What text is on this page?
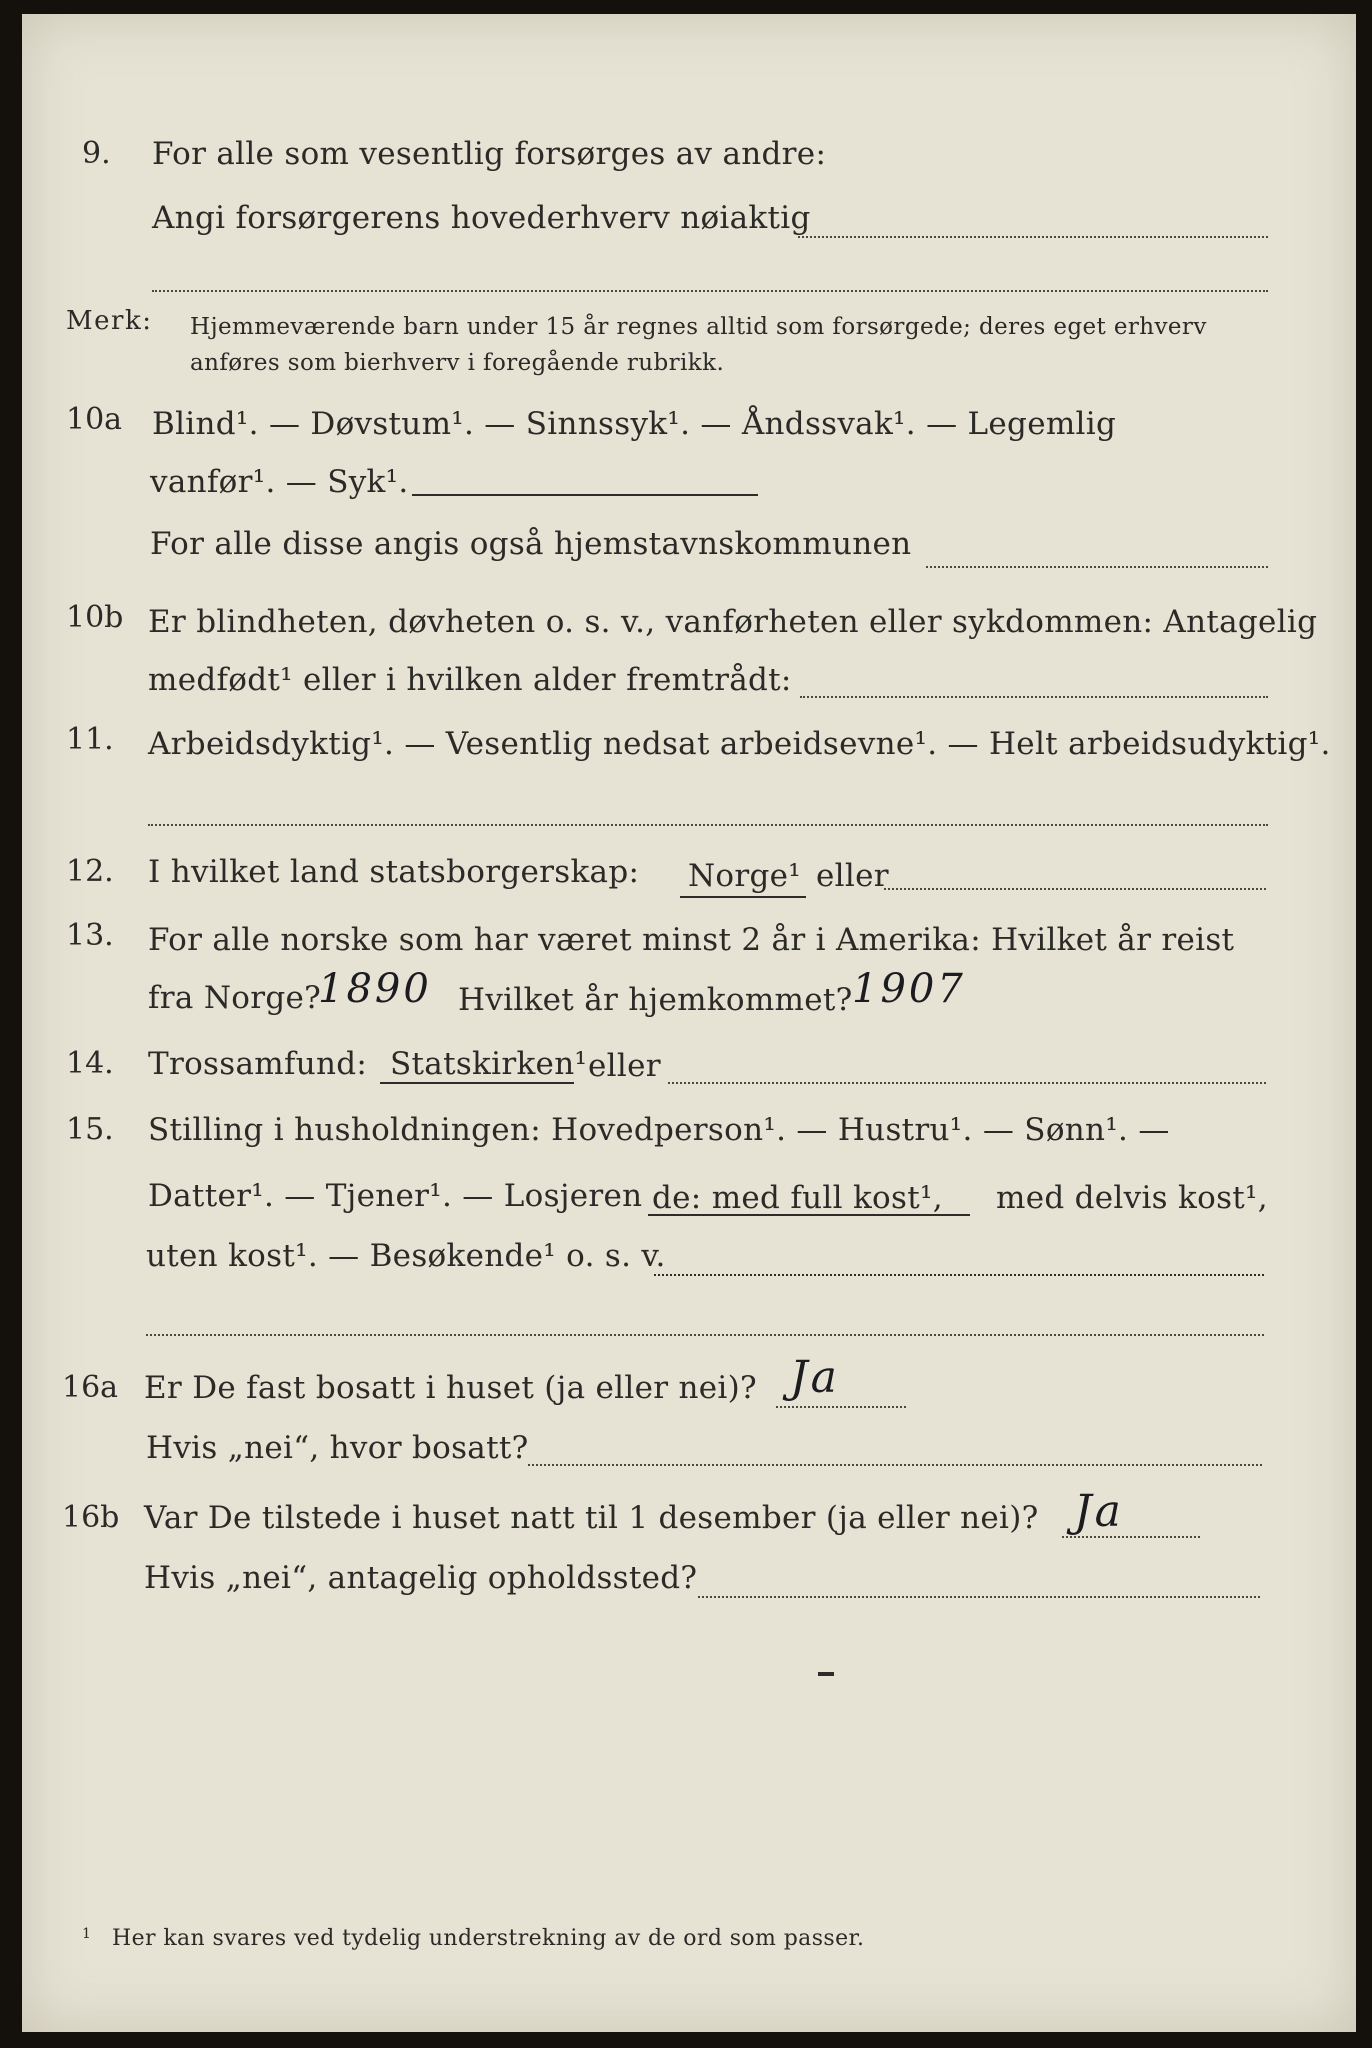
9. For alle som vesentlig forsørges av andre:
Angi forsørgerens hovederhverv nøiaktig
Merk: Hjemmeværende barn under 15 år regnes alltid som forsørgede; deres eget erhverv
anføres som bierhverv i foregående rubrikk.
10a Blind¹. — Døvstum¹. — Sinnssyk¹. — Åndssvak¹. — Legemlig
vanfør¹. — Syk¹.
For alle disse angis også hjemstavnskommunen
10b Er blindheten, døvheten o. s. v., vanførheten eller sykdommen: Antagelig
medfødt¹ eller i hvilken alder fremtrådt:
11. Arbeidsdyktig¹. — Vesentlig nedsat arbeidsevne¹. — Helt arbeidsudyktig¹.
12. I hvilket land statsborgerskap: Norge¹ eller
13. For alle norske som har været minst 2 år i Amerika: Hvilket år reist
fra Norge?
1890 Hvilket år hjemkommet? 1907
14. Trossamfund: Statskirken¹ eller
15. Stilling i husholdningen: Hovedperson¹. — Hustru¹. — Sønn¹. —
Datter¹. — Tjener¹. — Losjeren de: med full kost¹, med delvis kost¹,
uten kost¹. — Besøkende¹ o. s. v.
16a Er De fast bosatt i huset (ja eller nei)? Ja
Hvis „nei“, hvor bosatt?
16b Var De tilstede i huset natt til 1 desember (ja eller nei)? Ja
Hvis „nei“, antagelig opholdssted?
1 Her kan svares ved tydelig understrekning av de ord som passer.
